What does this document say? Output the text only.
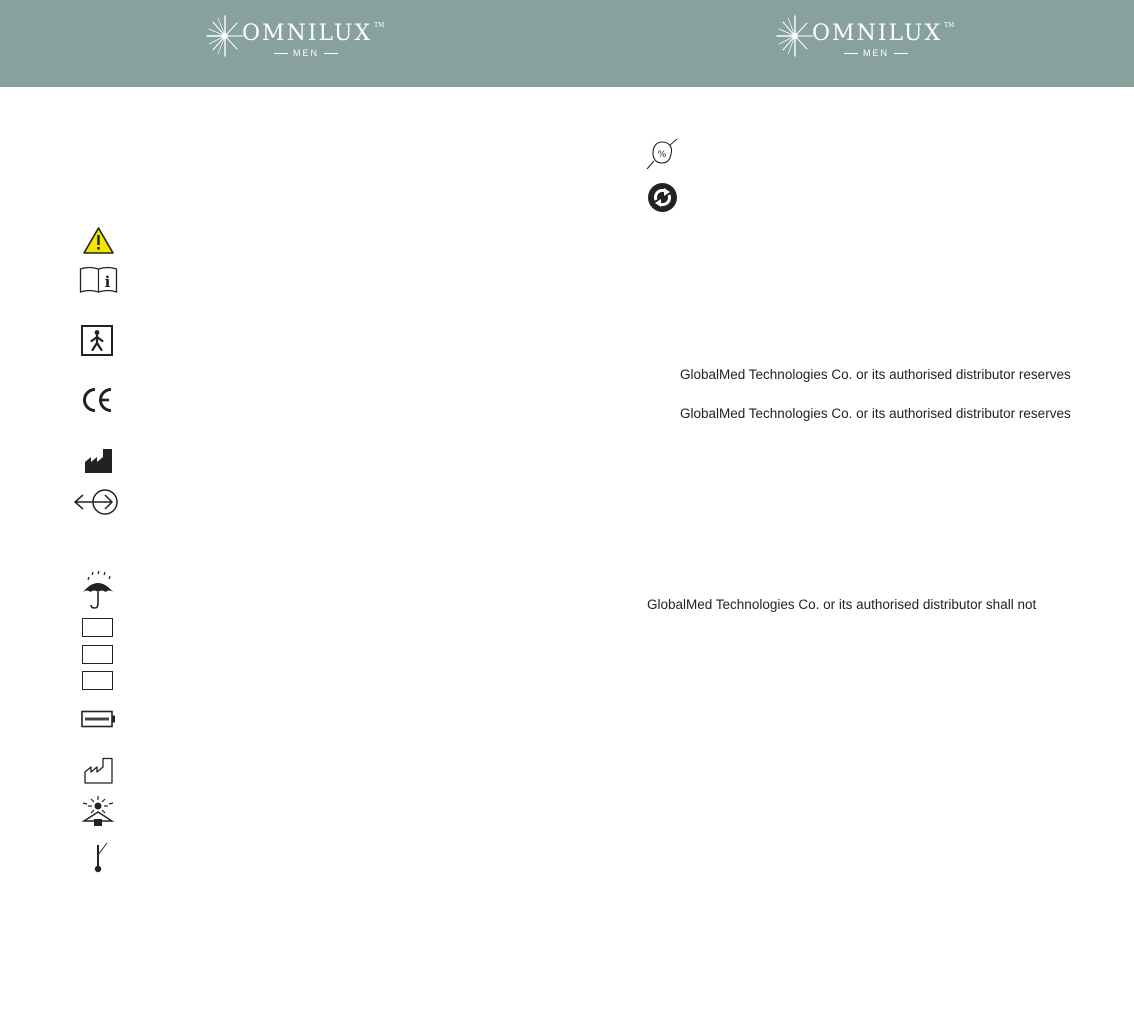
OMNILUX ™
MEN
OMNILUX ™
MEN
i
%
GlobalMed Technologies Co. or its authorised distributor reserves
GlobalMed Technologies Co. or its authorised distributor reserves
GlobalMed Technologies Co. or its authorised distributor shall not
